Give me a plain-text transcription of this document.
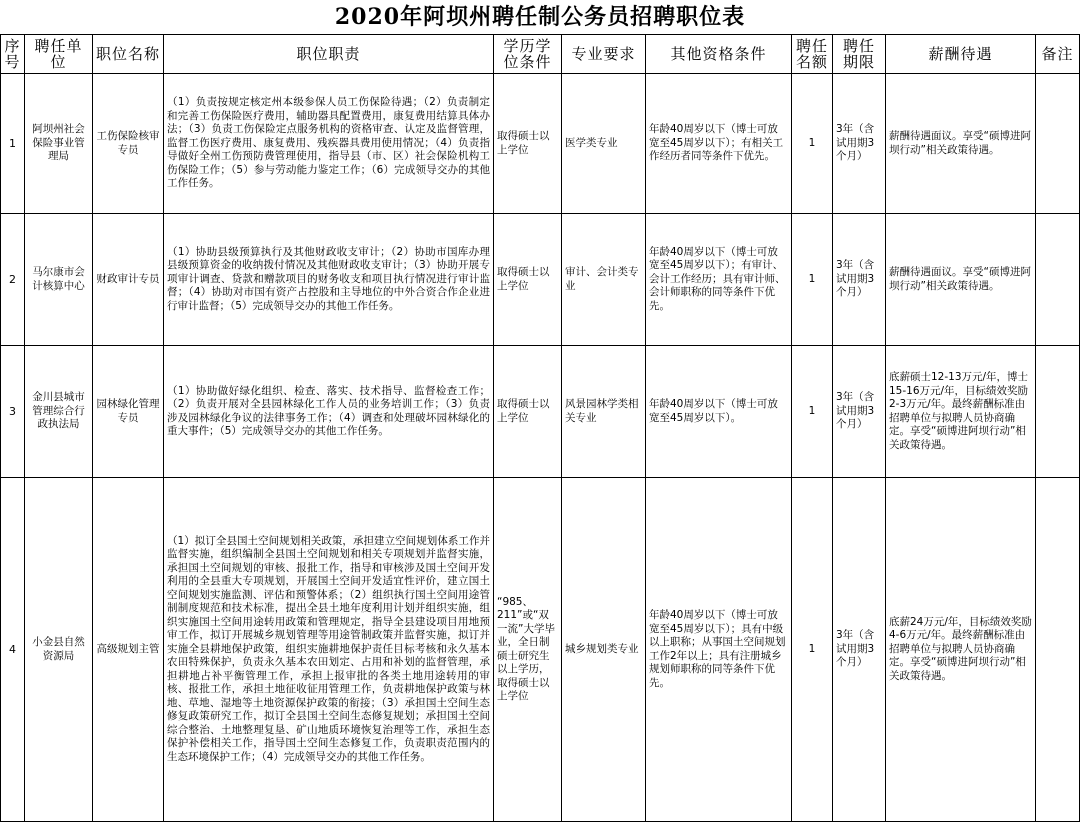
2020年阿坝州聘任制公务员招聘职位表
序号	聘任单位	职位名称	职位职责	学历学位条件	专业要求	其他资格条件	聘任名额	聘任期限	薪酬待遇	备注
1	阿坝州社会保险事业管理局	工伤保险核审专员	（1）负责按规定核定州本级参保人员工伤保险待遇；（2）负责制定和完善工伤保险医疗费用，辅助器具配置费用，康复费用结算具体办法；（3）负责工伤保险定点服务机构的资格审查、认定及监督管理，监督工伤医疗费用、康复费用、残疾器具费用使用情况；（4）负责指导做好全州工伤预防费管理使用，指导县（市、区）社会保险机构工伤保险工作；（5）参与劳动能力鉴定工作；（6）完成领导交办的其他工作任务。	取得硕士以上学位	医学类专业	年龄40周岁以下（博士可放宽至45周岁以下）；有相关工作经历者同等条件下优先。	1	3年（含试用期3个月）	薪酬待遇面议。享受“硕博进阿坝行动”相关政策待遇。	
2	马尔康市会计核算中心	财政审计专员	（1）协助县级预算执行及其他财政收支审计；（2）协助市国库办理县级预算资金的收纳拨付情况及其他财政收支审计；（3）协助开展专项审计调查、贷款和赠款项目的财务收支和项目执行情况进行审计监督；（4）协助对市国有资产占控股和主导地位的中外合资合作企业进行审计监督；（5）完成领导交办的其他工作任务。	取得硕士以上学位	审计、会计类专业	年龄40周岁以下（博士可放宽至45周岁以下）；有审计、会计工作经历；具有审计师、会计师职称的同等条件下优先。	1	3年（含试用期3个月）	薪酬待遇面议。享受“硕博进阿坝行动”相关政策待遇。	
3	金川县城市管理综合行政执法局	园林绿化管理专员	（1）协助做好绿化组织、检查、落实、技术指导、监督检查工作；（2）负责开展对全县园林绿化工作人员的业务培训工作；（3）负责涉及园林绿化争议的法律事务工作；（4）调查和处理破坏园林绿化的重大事件；（5）完成领导交办的其他工作任务。	取得硕士以上学位	风景园林学类相关专业	年龄40周岁以下（博士可放宽至45周岁以下）。	1	3年（含试用期3个月）	底薪硕士12-13万元/年，博士15-16万元/年，目标绩效奖励2-3万元/年。最终薪酬标准由招聘单位与拟聘人员协商确定。享受“硕博进阿坝行动”相关政策待遇。	
4	小金县自然资源局	高级规划主管	（1）拟订全县国土空间规划相关政策，承担建立空间规划体系工作并监督实施，组织编制全县国土空间规划和相关专项规划并监督实施，承担国土空间规划的审核、报批工作，指导和审核涉及国土空间开发利用的全县重大专项规划，开展国土空间开发适宜性评价，建立国土空间规划实施监测、评估和预警体系；（2）组织执行国土空间用途管制制度规范和技术标准，提出全县土地年度利用计划并组织实施，组织实施国土空间用途转用政策和管理规定，指导全县建设项目用地预审工作，拟订开展城乡规划管理等用途管制政策并监督实施，拟订并实施全县耕地保护政策，组织实施耕地保护责任目标考核和永久基本农田特殊保护，负责永久基本农田划定、占用和补划的监督管理，承担耕地占补平衡管理工作，承担上报审批的各类土地用途转用的审核、报批工作，承担土地征收征用管理工作，负责耕地保护政策与林地、草地、湿地等土地资源保护政策的衔接；（3）承担国土空间生态修复政策研究工作，拟订全县国土空间生态修复规划；承担国土空间综合整治、土地整理复垦、矿山地质环境恢复治理等工作，承担生态保护补偿相关工作，指导国土空间生态修复工作，负责职责范围内的生态环境保护工作；（4）完成领导交办的其他工作任务。	“985、211”或“双一流”大学毕业，全日制硕士研究生以上学历，取得硕士以上学位	城乡规划类专业	年龄40周岁以下（博士可放宽至45周岁以下）；具有中级以上职称；从事国土空间规划工作2年以上；具有注册城乡规划师职称的同等条件下优先。	1	3年（含试用期3个月）	底薪24万元/年，目标绩效奖励4-6万元/年。最终薪酬标准由招聘单位与拟聘人员协商确定。享受“硕博进阿坝行动”相关政策待遇。	
